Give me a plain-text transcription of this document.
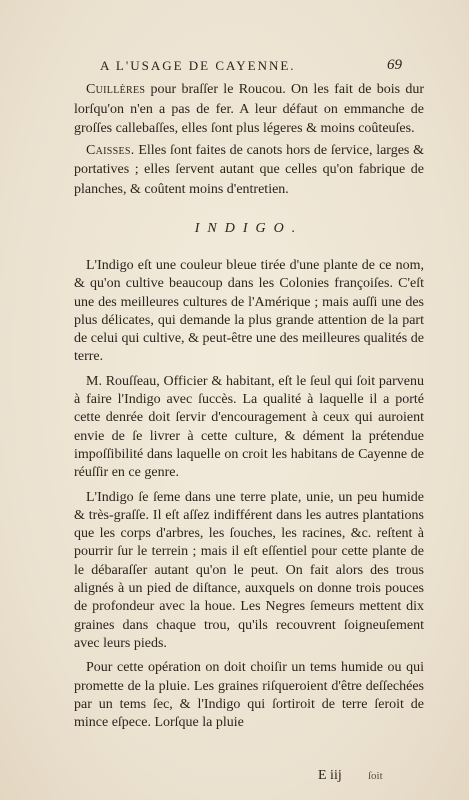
A L'USAGE DE CAYENNE.	69

Cuillères pour braſſer le Roucou. On les fait de bois dur lorſqu'on n'en a pas de fer. A leur défaut on emmanche de groſſes callebaſſes, elles ſont plus légeres & moins coûteuſes.

Caisses. Elles ſont faites de canots hors de ſervice, larges & portatives ; elles ſervent autant que celles qu'on fabrique de planches, & coûtent moins d'entretien.

INDIGO.

L'Indigo eſt une couleur bleue tirée d'une plante de ce nom, & qu'on cultive beaucoup dans les Colonies françoiſes. C'eſt une des meilleures cultures de l'Amérique ; mais auſſi une des plus délicates, qui demande la plus grande attention de la part de celui qui cultive, & peut-être une des meilleures qualités de terre.

M. Rouſſeau, Officier & habitant, eſt le ſeul qui ſoit parvenu à faire l'Indigo avec ſuccès. La qualité à laquelle il a porté cette denrée doit ſervir d'encouragement à ceux qui auroient envie de ſe livrer à cette culture, & dément la prétendue impoſſibilité dans laquelle on croit les habitans de Cayenne de réuſſir en ce genre.

L'Indigo ſe ſeme dans une terre plate, unie, un peu humide & très-graſſe. Il eſt aſſez indifférent dans les autres plantations que les corps d'arbres, les ſouches, les racines, &c. reſtent à pourrir ſur le terrein ; mais il eſt eſſentiel pour cette plante de le débaraſſer autant qu'on le peut. On fait alors des trous alignés à un pied de diſtance, auxquels on donne trois pouces de profondeur avec la houe. Les Negres ſemeurs mettent dix graines dans chaque trou, qu'ils recouvrent ſoigneuſement avec leurs pieds.

Pour cette opération on doit choiſir un tems humide ou qui promette de la pluie. Les graines riſqueroient d'être deſſechées par un tems ſec, & l'Indigo qui ſortiroit de terre ſeroit de mince eſpece. Lorſque la pluie

E iij ſoit
